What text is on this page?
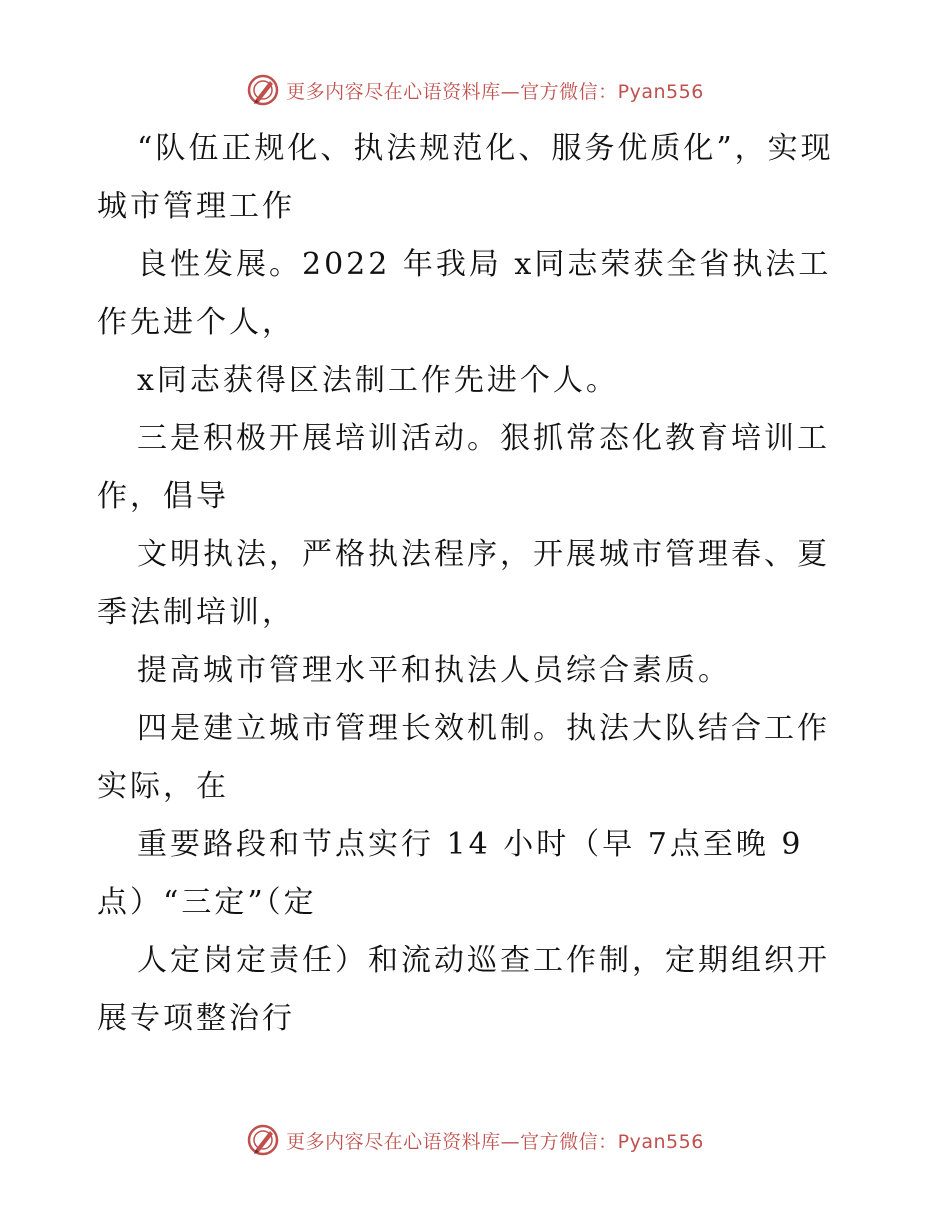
更多内容尽在心语资料库—官方微信：Pyan556

“队伍正规化、执法规范化、服务优质化”，实现城市管理工作

良性发展。2022 年我局 x同志荣获全省执法工作先进个人，

x同志获得区法制工作先进个人。

三是积极开展培训活动。狠抓常态化教育培训工作，倡导

文明执法，严格执法程序，开展城市管理春、夏季法制培训，

提高城市管理水平和执法人员综合素质。

四是建立城市管理长效机制。执法大队结合工作实际，在

重要路段和节点实行 14 小时（早 7点至晚 9点）“三定”（定

人定岗定责任）和流动巡查工作制，定期组织开展专项整治行

更多内容尽在心语资料库—官方微信：Pyan556
